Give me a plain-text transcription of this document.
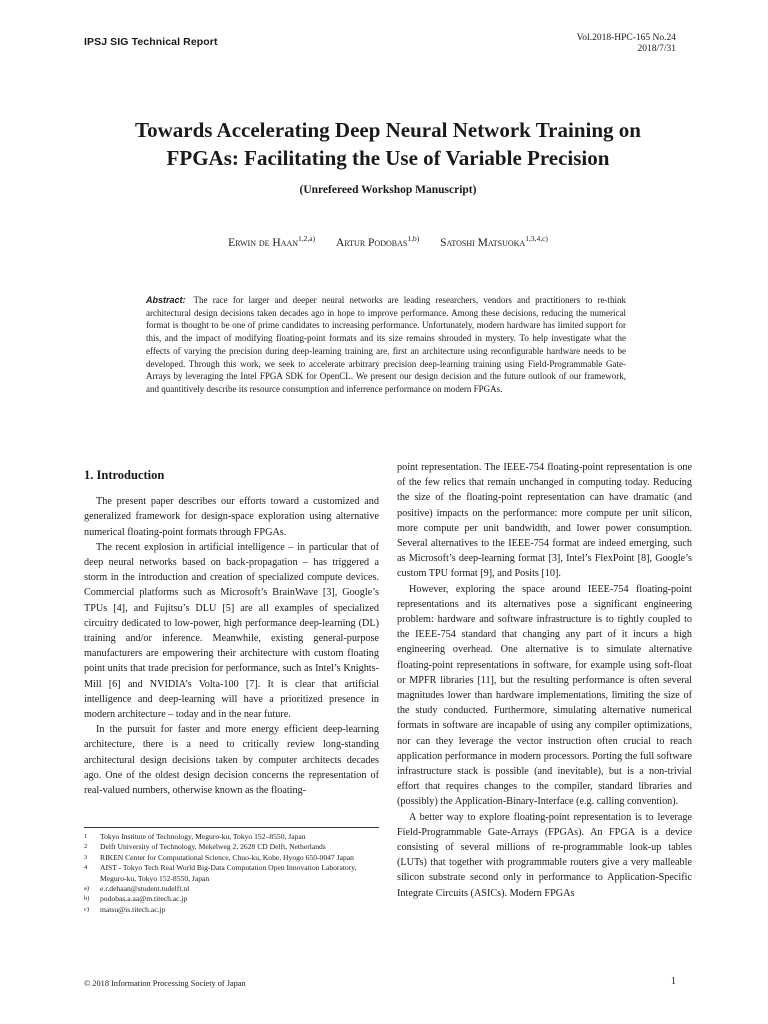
IPSJ SIG Technical Report	Vol.2018-HPC-165 No.24
2018/7/31
Towards Accelerating Deep Neural Network Training on
FPGAs: Facilitating the Use of Variable Precision
(Unrefereed Workshop Manuscript)
Erwin de Haan$^{1,2,a)}$ Artur Podobas$^{1,b)}$ Satoshi Matsuoka$^{1,3,4,c)}$
Abstract: The race for larger and deeper neural networks are leading researchers, vendors and practitioners to re-think architectural design decisions taken decades ago in hope to improve performance. Among these decisions, reducing the numerical format is thought to be one of prime candidates to increasing performance. Unfortunately, modern hardware has limited support for this, and the impact of modifying floating-point formats and its size remains shrouded in mystery. To help investigate what the effects of varying the precision during deep-learning training are, first an architecture using reconfigurable hardware needs to be developed. Through this work, we seek to accelerate arbitrary precision deep-learning training using Field-Programmable Gate-Arrays by leveraging the Intel FPGA SDK for OpenCL. We present our design decision and the future outlook of our framework, and quantitively describe its resource consumption and inferrence performance on modern FPGAs.
1. Introduction

The present paper describes our efforts toward a customized and generalized framework for design-space exploration using alternative numerical floating-point formats through FPGAs.

The recent explosion in artificial intelligence – in particular that of deep neural networks based on back-propagation – has triggered a storm in the introduction and creation of specialized compute devices. Commercial platforms such as Microsoft’s BrainWave [3], Google’s TPUs [4], and Fujitsu’s DLU [5] are all examples of specialized circuitry dedicated to low-power, high performance deep-learning (DL) training and/or inference. Meanwhile, existing general-purpose manufacturers are empowering their architecture with custom floating point units that trade precision for performance, such as Intel’s Knights-Mill [6] and NVIDIA’s Volta-100 [7]. It is clear that artificial intelligence and deep-learning will have a prioritized presence in modern architecture – today and in the near future.

In the pursuit for faster and more energy efficient deep-learning architecture, there is a need to critically review long-standing architectural design decisions taken by computer architects decades ago. One of the oldest design decision concerns the representation of real-valued numbers, otherwise known as the floating-

point representation. The IEEE-754 floating-point representation is one of the few relics that remain unchanged in computing today. Reducing the size of the floating-point representation can have dramatic (and positive) impacts on the performance: more compute per unit silicon, more compute per unit bandwidth, and lower power consumption. Several alternatives to the IEEE-754 format are indeed emerging, such as Microsoft’s deep-learning format [3], Intel’s FlexPoint [8], Google’s custom TPU format [9], and Posits [10].

However, exploring the space around IEEE-754 floating-point representations and its alternatives pose a significant engineering problem: hardware and software infrastructure is to tightly coupled to the IEEE-754 standard that changing any part of it incurs a high engineering overhead. One alternative is to simulate alternative floating-point representations in software, for example using soft-float or MPFR libraries [11], but the resulting performance is often several magnitudes lower than hardware implementations, limiting the size of the study conducted. Furthermore, simulating alternative numerical formats in software are incapable of using any compiler optimizations, nor can they leverage the vector instruction often crucial to reach application performance in modern processors. Porting the full software infrastructure stack is possible (and inevitable), but is a non-trivial effort that requires changes to the compiler, standard libraries and (possibly) the Application-Binary-Interface (e.g. calling convention).

A better way to explore floating-point representation is to leverage Field-Programmable Gate-Arrays (FPGAs). An FPGA is a device consisting of several millions of re-programmable look-up tables (LUTs) that together with programmable routers give a very malleable silicon substrate second only in performance to Application-Specific Integrate Circuits (ASICs). Modern FPGAs

1	Tokyo Institute of Technology, Meguro-ku, Tokyo 152–8550, Japan
2	Delft University of Technology, Mekelweg 2, 2628 CD Delft, Netherlands
3	RIKEN Center for Computational Science, Chuo-ku, Kobe, Hyogo 650-0047 Japan
4	AIST - Tokyo Tech Real World Big-Data Computation Open Innovation Laboratory, Meguro-ku, Tokyo 152-8550, Japan
a)	e.r.dehaan@student.tudelft.nl
b)	podobas.a.aa@m.titech.ac.jp
c)	matsu@is.titech.ac.jp
© 2018 Information Processing Society of Japan	1
